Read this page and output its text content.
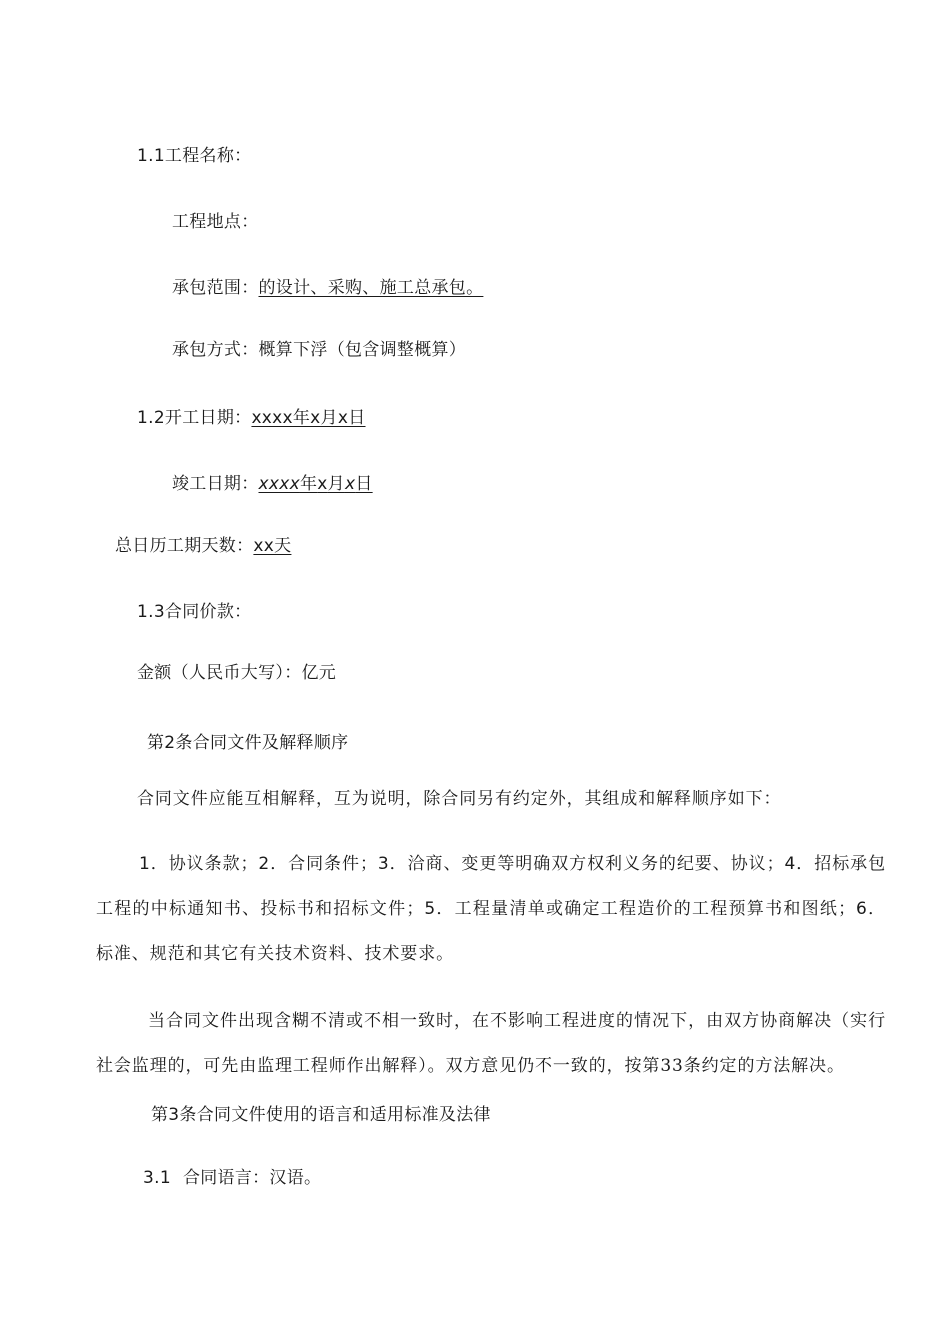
1.1工程名称：
工程地点：
承包范围：的设计、采购、施工总承包。
承包方式：概算下浮（包含调整概算）
1.2开工日期：xxxx年x月x日
竣工日期：xxxx年x月x日
总日历工期天数：xx天
1.3合同价款：
金额（人民币大写）：亿元
第2条合同文件及解释顺序
合同文件应能互相解释，互为说明，除合同另有约定外，其组成和解释顺序如下：
1．协议条款；2．合同条件；3．洽商、变更等明确双方权利义务的纪要、协议；4．招标承包工程的中标通知书、投标书和招标文件；5．工程量清单或确定工程造价的工程预算书和图纸；6．标准、规范和其它有关技术资料、技术要求。
当合同文件出现含糊不清或不相一致时，在不影响工程进度的情况下，由双方协商解决（实行社会监理的，可先由监理工程师作出解释）。双方意见仍不一致的，按第33条约定的方法解决。
第3条合同文件使用的语言和适用标准及法律
3.1 合同语言：汉语。
